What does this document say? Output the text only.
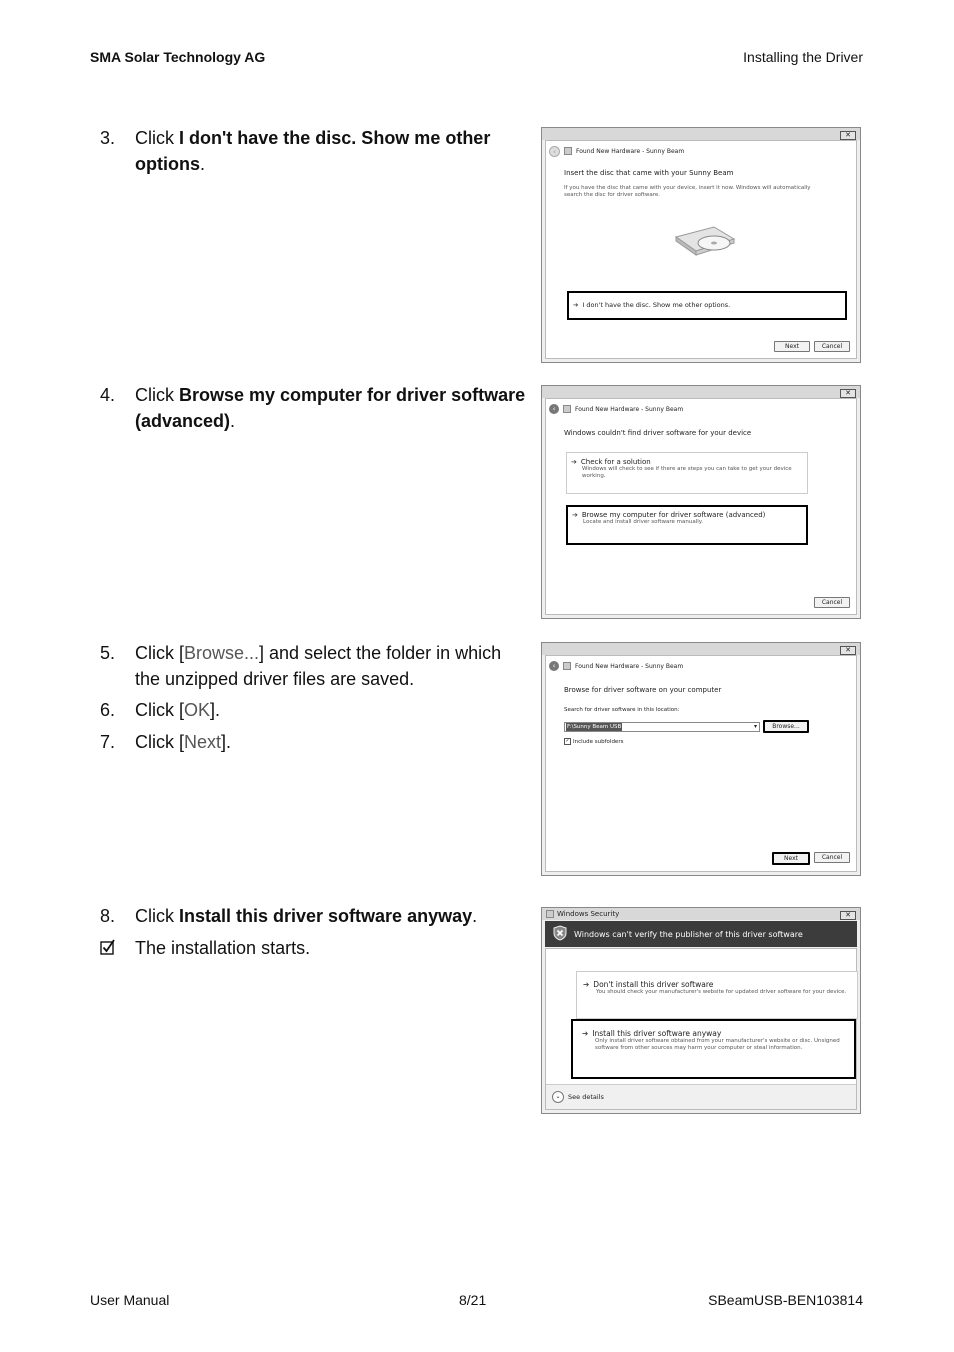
SMA Solar Technology AG	Installing the Driver
3. Click I don't have the disc. Show me other options.
4. Click Browse my computer for driver software (advanced).
5. Click [Browse...] and select the folder in which the unzipped driver files are saved.
6. Click [OK].
7. Click [Next].
8. Click Install this driver software anyway.
The installation starts.
✕
‹	Found New Hardware - Sunny Beam
Insert the disc that came with your Sunny Beam
If you have the disc that came with your device, insert it now. Windows will automatically search the disc for driver software.
➔ I don't have the disc. Show me other options.
Next	Cancel
✕
‹	Found New Hardware - Sunny Beam
Windows couldn't find driver software for your device
➔ Check for a solution
Windows will check to see if there are steps you can take to get your device working.
➔ Browse my computer for driver software (advanced)
Locate and install driver software manually.
Cancel
✕
‹	Found New Hardware - Sunny Beam
Browse for driver software on your computer
Search for driver software in this location:
F:\Sunny Beam USB	▾	Browse...
✓ Include subfolders
Next	Cancel
Windows Security	✕
Windows can't verify the publisher of this driver software
➔ Don't install this driver software
You should check your manufacturer's website for updated driver software for your device.
➔ Install this driver software anyway
Only install driver software obtained from your manufacturer's website or disc. Unsigned software from other sources may harm your computer or steal information.
⌄	See details
User Manual	8/21	SBeamUSB-BEN103814
